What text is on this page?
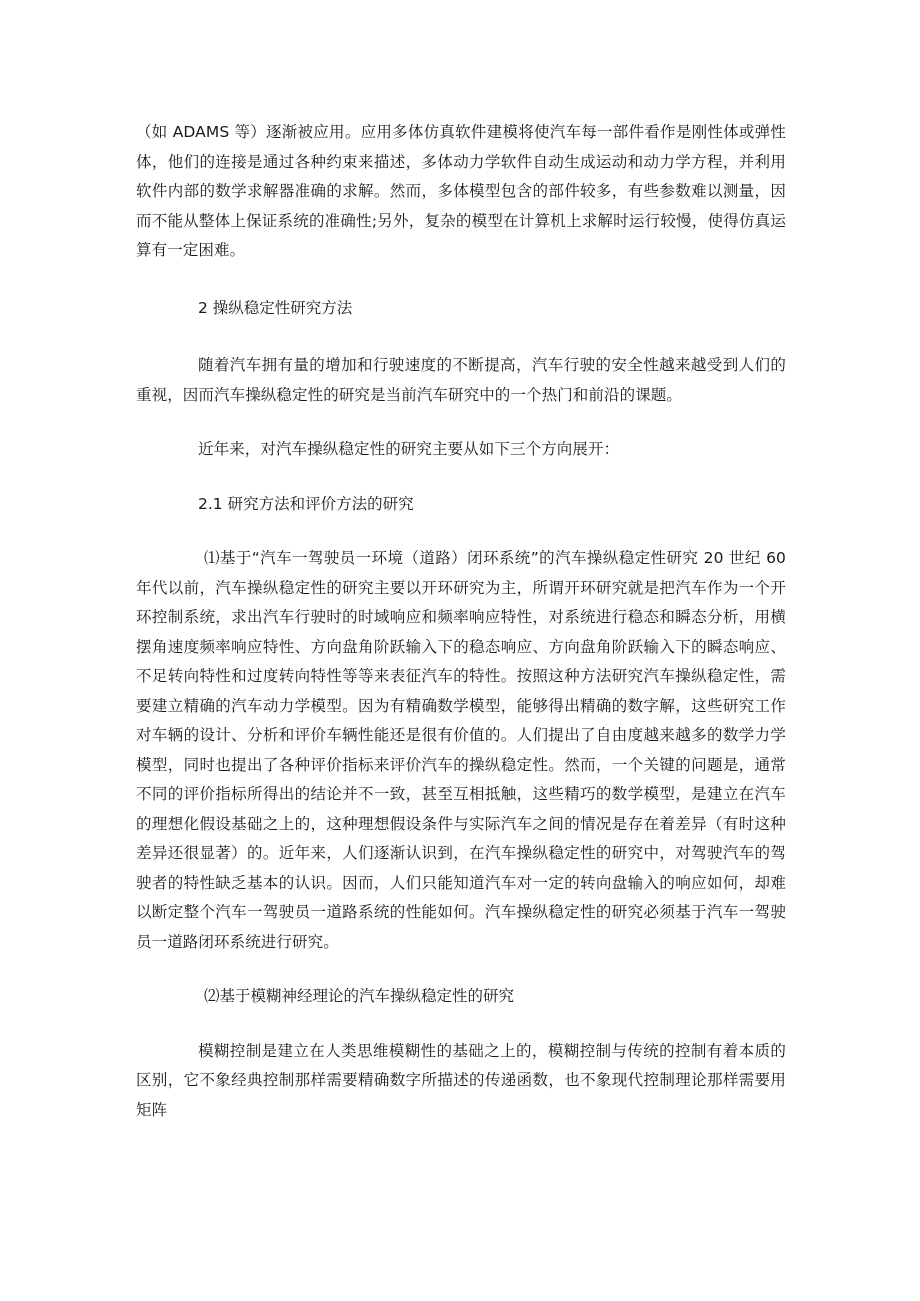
（如 ADAMS 等）逐渐被应用。应用多体仿真软件建模将使汽车每一部件看作是刚性体或弹性体，他们的连接是通过各种约束来描述，多体动力学软件自动生成运动和动力学方程，并利用软件内部的数学求解器准确的求解。然而，多体模型包含的部件较多，有些参数难以测量，因而不能从整体上保证系统的准确性;另外，复杂的模型在计算机上求解时运行较慢，使得仿真运算有一定困难。

2 操纵稳定性研究方法

随着汽车拥有量的增加和行驶速度的不断提高，汽车行驶的安全性越来越受到人们的重视，因而汽车操纵稳定性的研究是当前汽车研究中的一个热门和前沿的课题。

近年来，对汽车操纵稳定性的研究主要从如下三个方向展开：

2.1 研究方法和评价方法的研究

⑴基于“汽车一驾驶员一环境（道路）闭环系统”的汽车操纵稳定性研究 20 世纪 60 年代以前，汽车操纵稳定性的研究主要以开环研究为主，所谓开环研究就是把汽车作为一个开环控制系统，求出汽车行驶时的时域响应和频率响应特性，对系统进行稳态和瞬态分析，用横摆角速度频率响应特性、方向盘角阶跃输入下的稳态响应、方向盘角阶跃输入下的瞬态响应、不足转向特性和过度转向特性等等来表征汽车的特性。按照这种方法研究汽车操纵稳定性，需要建立精确的汽车动力学模型。因为有精确数学模型，能够得出精确的数字解，这些研究工作对车辆的设计、分析和评价车辆性能还是很有价值的。人们提出了自由度越来越多的数学力学模型，同时也提出了各种评价指标来评价汽车的操纵稳定性。然而，一个关键的问题是，通常不同的评价指标所得出的结论并不一致，甚至互相抵触，这些精巧的数学模型，是建立在汽车的理想化假设基础之上的，这种理想假设条件与实际汽车之间的情况是存在着差异（有时这种差异还很显著）的。近年来，人们逐渐认识到，在汽车操纵稳定性的研究中，对驾驶汽车的驾驶者的特性缺乏基本的认识。因而，人们只能知道汽车对一定的转向盘输入的响应如何，却难以断定整个汽车一驾驶员一道路系统的性能如何。汽车操纵稳定性的研究必须基于汽车一驾驶员一道路闭环系统进行研究。

⑵基于模糊神经理论的汽车操纵稳定性的研究

模糊控制是建立在人类思维模糊性的基础之上的，模糊控制与传统的控制有着本质的区别，它不象经典控制那样需要精确数字所描述的传递函数，也不象现代控制理论那样需要用矩阵
